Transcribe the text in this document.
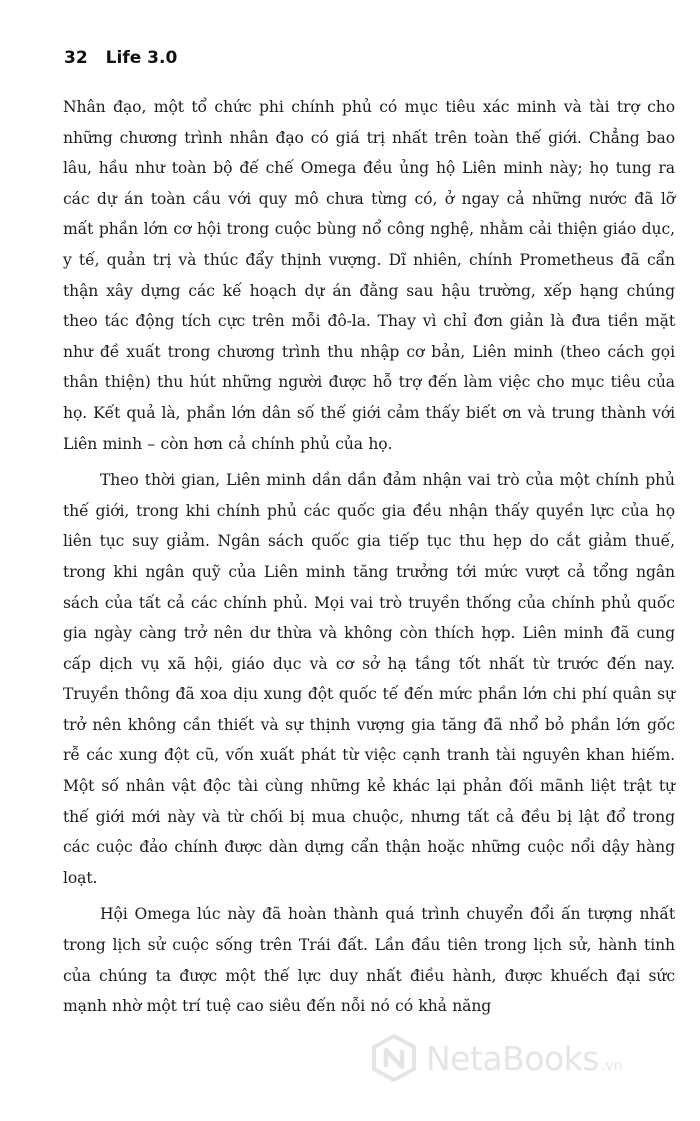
32 Life 3.0

Nhân đạo, một tổ chức phi chính phủ có mục tiêu xác minh và tài trợ cho những chương trình nhân đạo có giá trị nhất trên toàn thế giới. Chẳng bao lâu, hầu như toàn bộ đế chế Omega đều ủng hộ Liên minh này; họ tung ra các dự án toàn cầu với quy mô chưa từng có, ở ngay cả những nước đã lỡ mất phần lớn cơ hội trong cuộc bùng nổ công nghệ, nhằm cải thiện giáo dục, y tế, quản trị và thúc đẩy thịnh vượng. Dĩ nhiên, chính Prometheus đã cẩn thận xây dựng các kế hoạch dự án đằng sau hậu trường, xếp hạng chúng theo tác động tích cực trên mỗi đô-la. Thay vì chỉ đơn giản là đưa tiền mặt như đề xuất trong chương trình thu nhập cơ bản, Liên minh (theo cách gọi thân thiện) thu hút những người được hỗ trợ đến làm việc cho mục tiêu của họ. Kết quả là, phần lớn dân số thế giới cảm thấy biết ơn và trung thành với Liên minh – còn hơn cả chính phủ của họ.

Theo thời gian, Liên minh dần dần đảm nhận vai trò của một chính phủ thế giới, trong khi chính phủ các quốc gia đều nhận thấy quyền lực của họ liên tục suy giảm. Ngân sách quốc gia tiếp tục thu hẹp do cắt giảm thuế, trong khi ngân quỹ của Liên minh tăng trưởng tới mức vượt cả tổng ngân sách của tất cả các chính phủ. Mọi vai trò truyền thống của chính phủ quốc gia ngày càng trở nên dư thừa và không còn thích hợp. Liên minh đã cung cấp dịch vụ xã hội, giáo dục và cơ sở hạ tầng tốt nhất từ trước đến nay. Truyền thông đã xoa dịu xung đột quốc tế đến mức phần lớn chi phí quân sự trở nên không cần thiết và sự thịnh vượng gia tăng đã nhổ bỏ phần lớn gốc rễ các xung đột cũ, vốn xuất phát từ việc cạnh tranh tài nguyên khan hiếm. Một số nhân vật độc tài cùng những kẻ khác lại phản đối mãnh liệt trật tự thế giới mới này và từ chối bị mua chuộc, nhưng tất cả đều bị lật đổ trong các cuộc đảo chính được dàn dựng cẩn thận hoặc những cuộc nổi dậy hàng loạt.

Hội Omega lúc này đã hoàn thành quá trình chuyển đổi ấn tượng nhất trong lịch sử cuộc sống trên Trái đất. Lần đầu tiên trong lịch sử, hành tinh của chúng ta được một thế lực duy nhất điều hành, được khuếch đại sức mạnh nhờ một trí tuệ cao siêu đến nỗi nó có khả năng

NetaBooks .vn
